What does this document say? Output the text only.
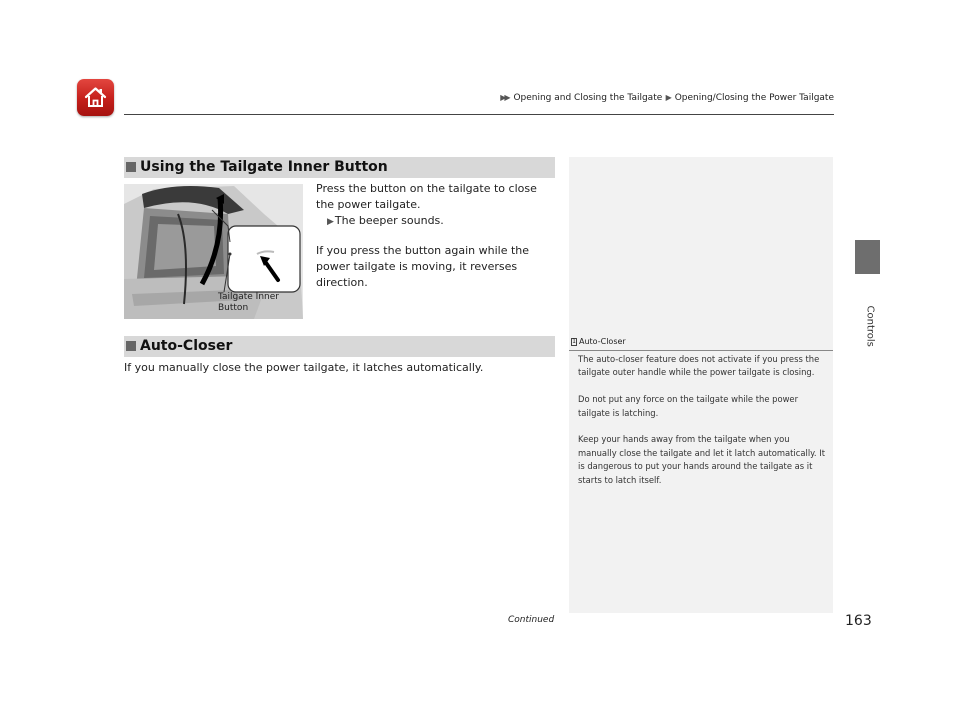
▶▶ Opening and Closing the Tailgate  ▶ Opening/Closing the Power Tailgate
Controls
Using the Tailgate Inner Button
Tailgate Inner
Button
Press the button on the tailgate to close the power tailgate.
▶ The beeper sounds.
If you press the button again while the power tailgate is moving, it reverses direction.
Auto-Closer
If you manually close the power tailgate, it latches automatically.
1 Auto-Closer

The auto-closer feature does not activate if you press the tailgate outer handle while the power tailgate is closing.

Do not put any force on the tailgate while the power tailgate is latching.

Keep your hands away from the tailgate when you manually close the tailgate and let it latch automatically. It is dangerous to put your hands around the tailgate as it starts to latch itself.

Continued	163
